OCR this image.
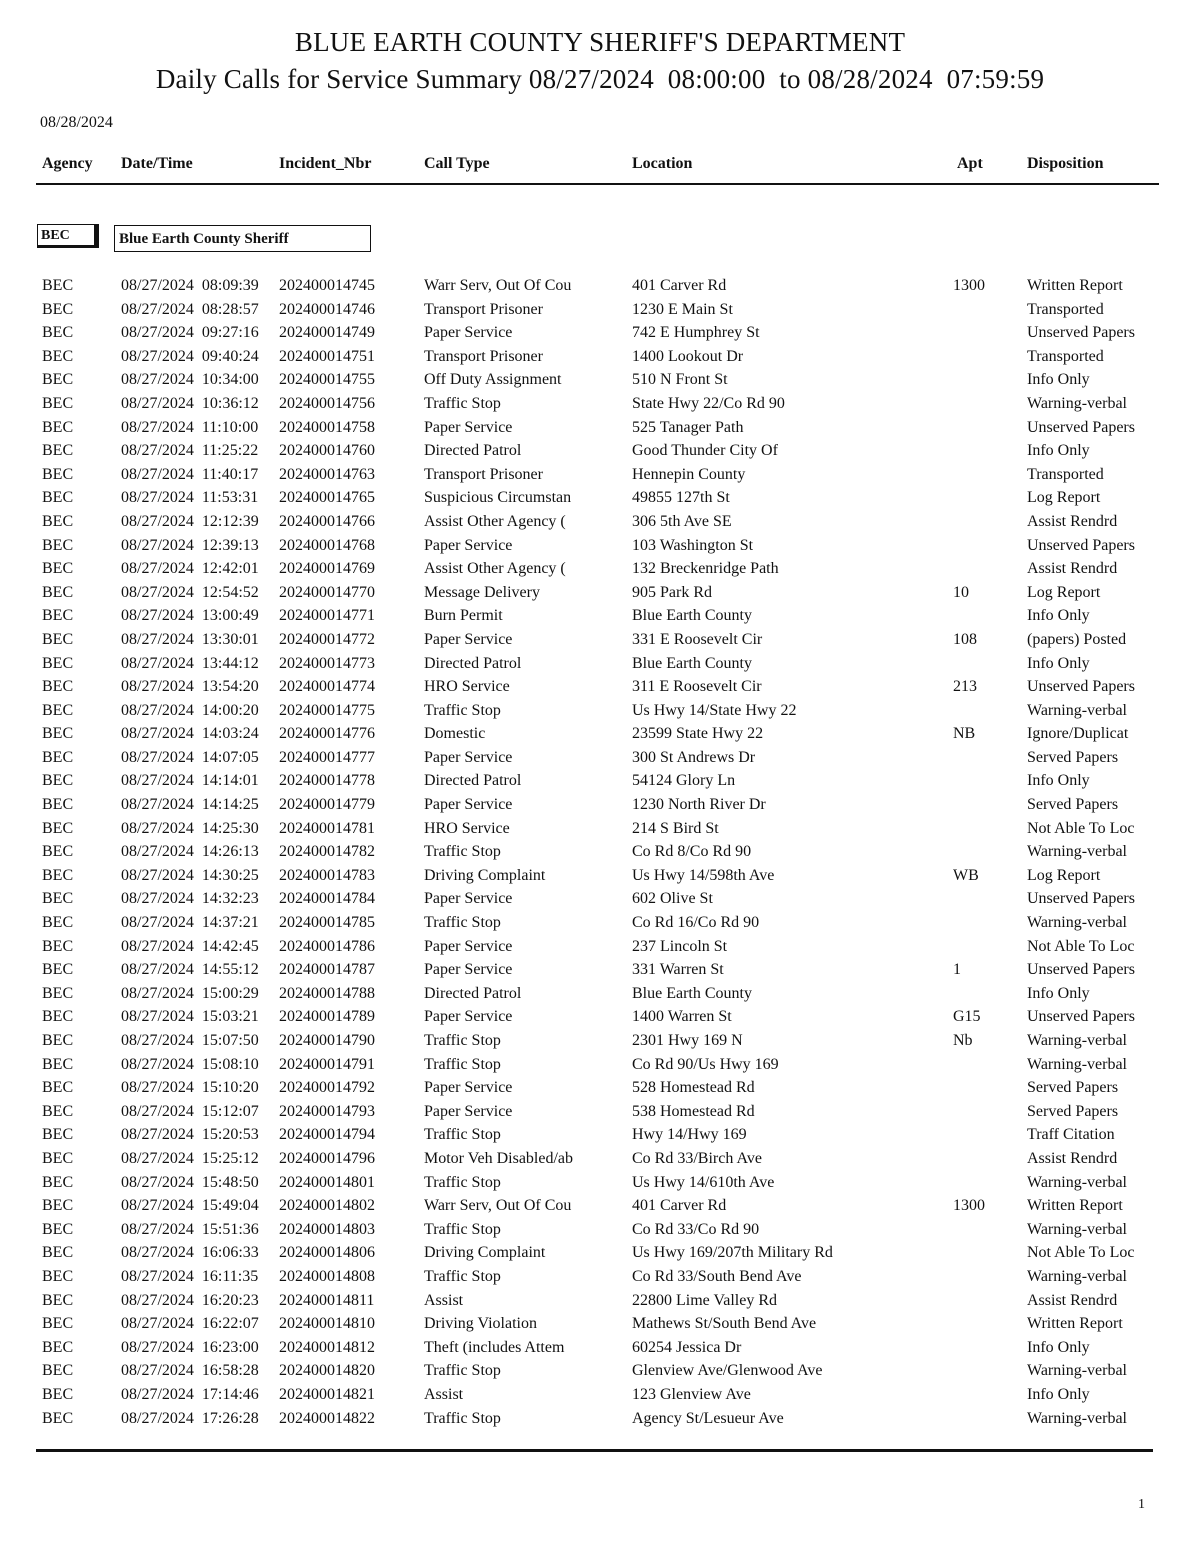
BLUE EARTH COUNTY SHERIFF'S DEPARTMENT
Daily Calls for Service Summary 08/27/2024  08:00:00  to 08/28/2024  07:59:59
08/28/2024
Agency Date/Time	Incident_Nbr	Call Type	Location	Apt	Disposition
BEC	Blue Earth County Sheriff
BEC	08/27/2024  08:09:39 202400014745	Warr Serv, Out Of Cou	401 Carver Rd	1300	Written Report
BEC	08/27/2024  08:28:57 202400014746	Transport Prisoner	1230 E Main St	Transported
BEC	08/27/2024  09:27:16 202400014749	Paper Service	742 E Humphrey St	Unserved Papers
BEC	08/27/2024  09:40:24 202400014751	Transport Prisoner	1400 Lookout Dr	Transported
BEC	08/27/2024  10:34:00 202400014755	Off Duty Assignment	510 N Front St	Info Only
BEC	08/27/2024  10:36:12 202400014756	Traffic Stop	State Hwy 22/Co Rd 90	Warning-verbal
BEC	08/27/2024  11:10:00 202400014758	Paper Service	525 Tanager Path	Unserved Papers
BEC	08/27/2024  11:25:22 202400014760	Directed Patrol	Good Thunder City Of	Info Only
BEC	08/27/2024  11:40:17 202400014763	Transport Prisoner	Hennepin County	Transported
BEC	08/27/2024  11:53:31 202400014765	Suspicious Circumstan	49855 127th St	Log Report
BEC	08/27/2024  12:12:39 202400014766	Assist Other Agency (	306 5th Ave SE	Assist Rendrd
BEC	08/27/2024  12:39:13 202400014768	Paper Service	103 Washington St	Unserved Papers
BEC	08/27/2024  12:42:01 202400014769	Assist Other Agency (	132 Breckenridge Path	Assist Rendrd
BEC	08/27/2024  12:54:52 202400014770	Message Delivery	905 Park Rd	10	Log Report
BEC	08/27/2024  13:00:49 202400014771	Burn Permit	Blue Earth County	Info Only
BEC	08/27/2024  13:30:01 202400014772	Paper Service	331 E Roosevelt Cir	108	(papers) Posted
BEC	08/27/2024  13:44:12 202400014773	Directed Patrol	Blue Earth County	Info Only
BEC	08/27/2024  13:54:20 202400014774	HRO Service	311 E Roosevelt Cir	213	Unserved Papers
BEC	08/27/2024  14:00:20 202400014775	Traffic Stop	Us Hwy 14/State Hwy 22	Warning-verbal
BEC	08/27/2024  14:03:24 202400014776	Domestic	23599 State Hwy 22	NB	Ignore/Duplicat
BEC	08/27/2024  14:07:05 202400014777	Paper Service	300 St Andrews Dr	Served Papers
BEC	08/27/2024  14:14:01 202400014778	Directed Patrol	54124 Glory Ln	Info Only
BEC	08/27/2024  14:14:25 202400014779	Paper Service	1230 North River Dr	Served Papers
BEC	08/27/2024  14:25:30 202400014781	HRO Service	214 S Bird St	Not Able To Loc
BEC	08/27/2024  14:26:13 202400014782	Traffic Stop	Co Rd 8/Co Rd 90	Warning-verbal
BEC	08/27/2024  14:30:25 202400014783	Driving Complaint	Us Hwy 14/598th Ave	WB	Log Report
BEC	08/27/2024  14:32:23 202400014784	Paper Service	602 Olive St	Unserved Papers
BEC	08/27/2024  14:37:21 202400014785	Traffic Stop	Co Rd 16/Co Rd 90	Warning-verbal
BEC	08/27/2024  14:42:45 202400014786	Paper Service	237 Lincoln St	Not Able To Loc
BEC	08/27/2024  14:55:12 202400014787	Paper Service	331 Warren St	1	Unserved Papers
BEC	08/27/2024  15:00:29 202400014788	Directed Patrol	Blue Earth County	Info Only
BEC	08/27/2024  15:03:21 202400014789	Paper Service	1400 Warren St	G15	Unserved Papers
BEC	08/27/2024  15:07:50 202400014790	Traffic Stop	2301 Hwy 169 N	Nb	Warning-verbal
BEC	08/27/2024  15:08:10 202400014791	Traffic Stop	Co Rd 90/Us Hwy 169	Warning-verbal
BEC	08/27/2024  15:10:20 202400014792	Paper Service	528 Homestead Rd	Served Papers
BEC	08/27/2024  15:12:07 202400014793	Paper Service	538 Homestead Rd	Served Papers
BEC	08/27/2024  15:20:53 202400014794	Traffic Stop	Hwy 14/Hwy 169	Traff Citation
BEC	08/27/2024  15:25:12 202400014796	Motor Veh Disabled/ab	Co Rd 33/Birch Ave	Assist Rendrd
BEC	08/27/2024  15:48:50 202400014801	Traffic Stop	Us Hwy 14/610th Ave	Warning-verbal
BEC	08/27/2024  15:49:04 202400014802	Warr Serv, Out Of Cou	401 Carver Rd	1300	Written Report
BEC	08/27/2024  15:51:36 202400014803	Traffic Stop	Co Rd 33/Co Rd 90	Warning-verbal
BEC	08/27/2024  16:06:33 202400014806	Driving Complaint	Us Hwy 169/207th Military Rd	Not Able To Loc
BEC	08/27/2024  16:11:35 202400014808	Traffic Stop	Co Rd 33/South Bend Ave	Warning-verbal
BEC	08/27/2024  16:20:23 202400014811	Assist	22800 Lime Valley Rd	Assist Rendrd
BEC	08/27/2024  16:22:07 202400014810	Driving Violation	Mathews St/South Bend Ave	Written Report
BEC	08/27/2024  16:23:00 202400014812	Theft (includes Attem	60254 Jessica Dr	Info Only
BEC	08/27/2024  16:58:28 202400014820	Traffic Stop	Glenview Ave/Glenwood Ave	Warning-verbal
BEC	08/27/2024  17:14:46 202400014821	Assist	123 Glenview Ave	Info Only
BEC	08/27/2024  17:26:28 202400014822	Traffic Stop	Agency St/Lesueur Ave	Warning-verbal
1
